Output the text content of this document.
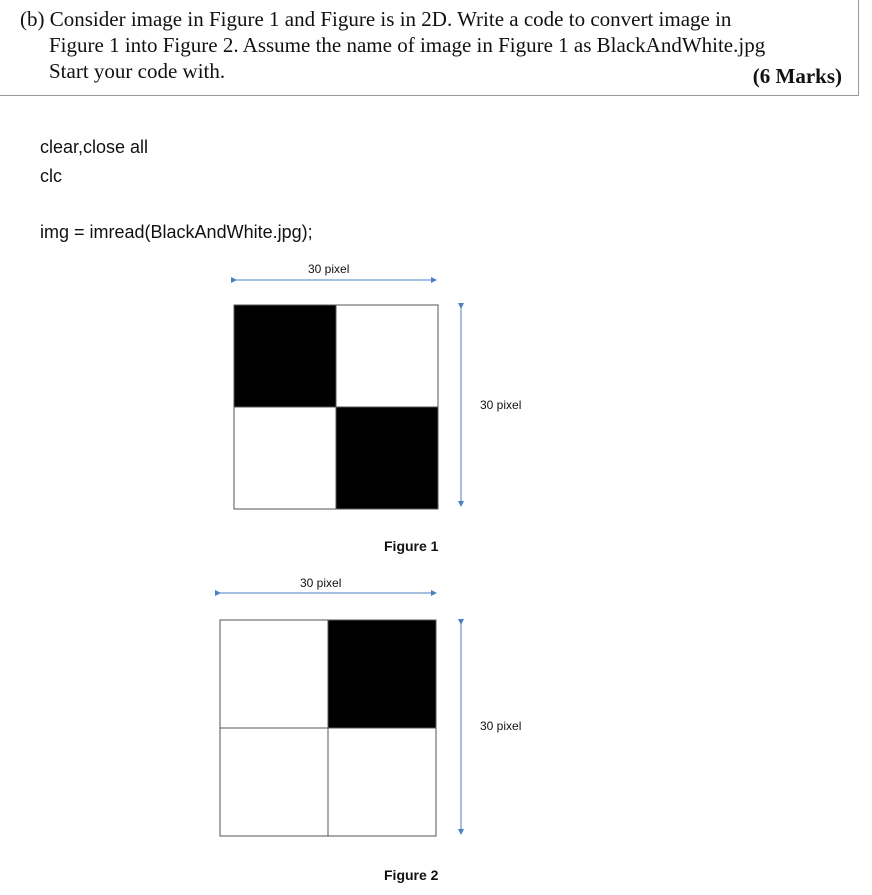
(b) Consider image in Figure 1 and Figure is in 2D. Write a code to convert image in
Figure 1 into Figure 2. Assume the name of image in Figure 1 as BlackAndWhite.jpg
Start your code with.	(6 Marks)
clear,close all
clc
img = imread(BlackAndWhite.jpg);
30 pixel
30 pixel
Figure 1
30 pixel
30 pixel
Figure 2
